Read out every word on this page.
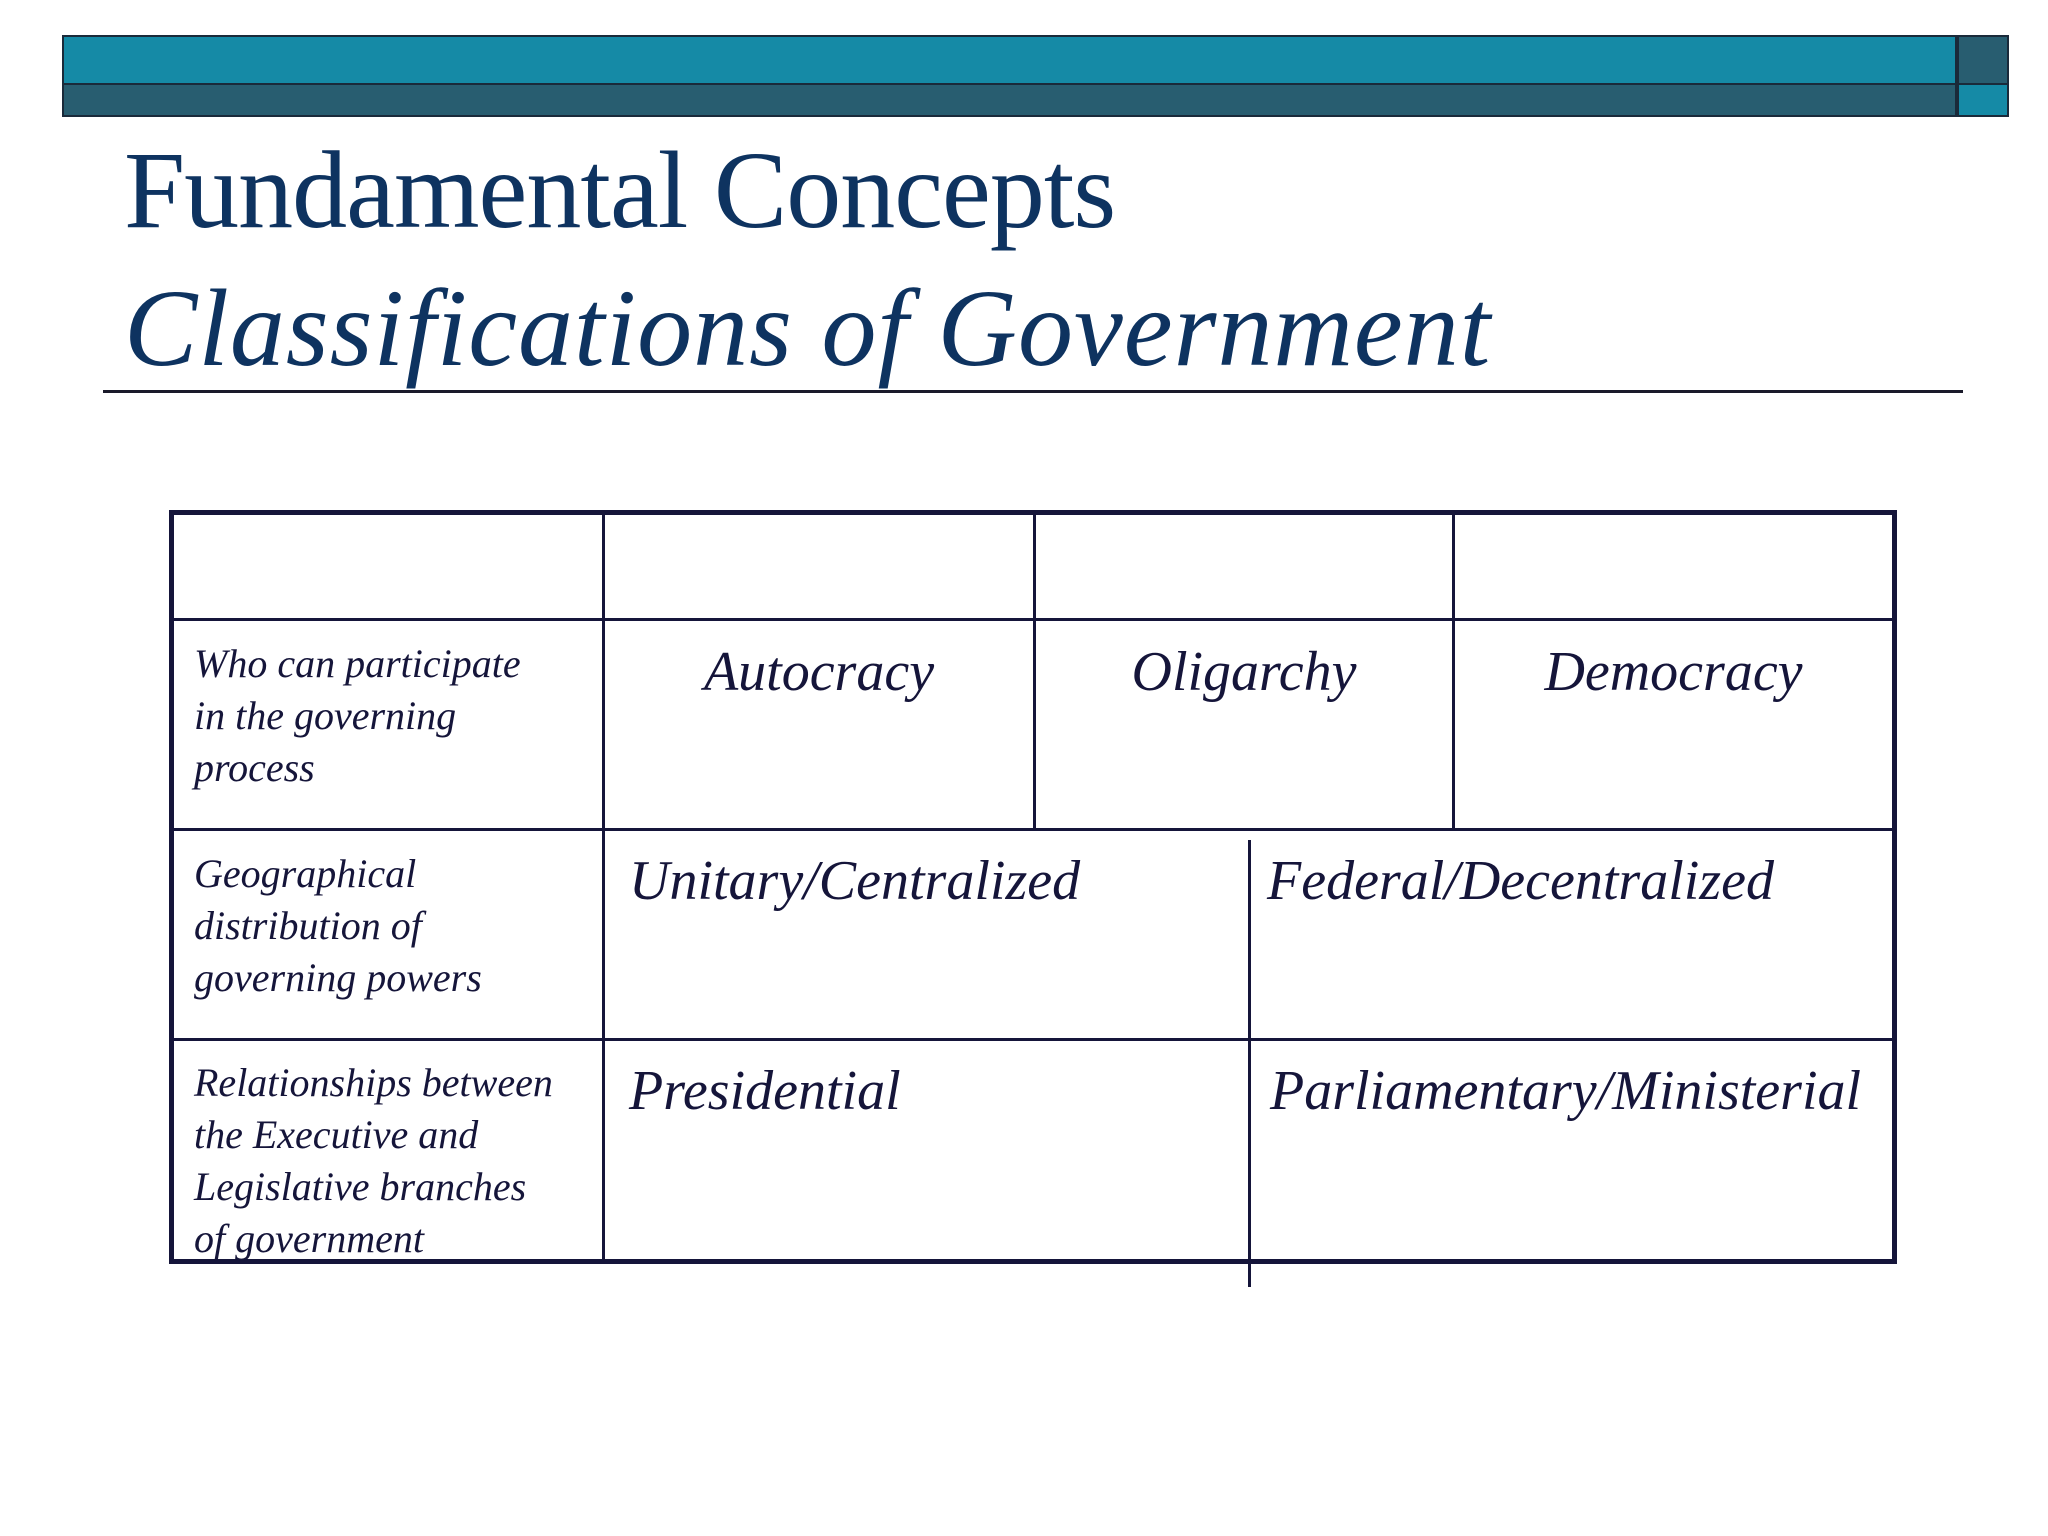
Fundamental Concepts
Classifications of Government
Who can participate
in the governing
process
Autocracy	Oligarchy	Democracy
Geographical
distribution of
governing powers
Unitary/Centralized	Federal/Decentralized
Relationships between
the Executive and
Legislative branches
of government
Presidential	Parliamentary/Ministerial
